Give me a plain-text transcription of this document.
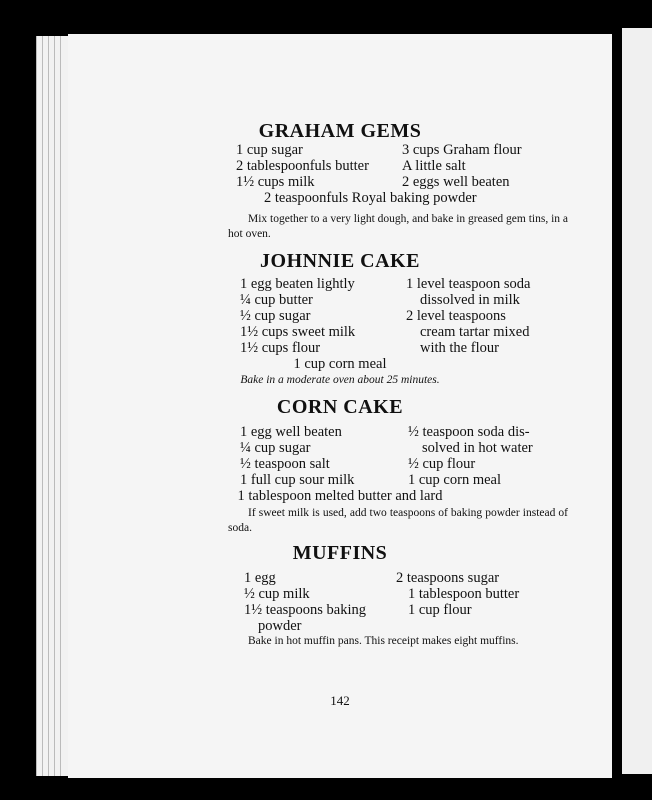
GRAHAM GEMS
1 cup sugar
2 tablespoonfuls butter
1½ cups milk
3 cups Graham flour
A little salt
2 eggs well beaten
2 teaspoonfuls Royal baking powder
Mix together to a very light dough, and bake in greased gem tins, in a hot oven.
JOHNNIE CAKE
1 egg beaten lightly
¼ cup butter
½ cup sugar
1½ cups sweet milk
1½ cups flour
1 level teaspoon soda
dissolved in milk
2 level teaspoons
cream tartar mixed
with the flour
1 cup corn meal
Bake in a moderate oven about 25 minutes.
CORN CAKE
1 egg well beaten
¼ cup sugar
½ teaspoon salt
1 full cup sour milk
½ teaspoon soda dis-
solved in hot water
½ cup flour
1 cup corn meal
1 tablespoon melted butter and lard
If sweet milk is used, add two teaspoons of baking powder instead of soda.
MUFFINS
1 egg
½ cup milk
1½ teaspoons baking
powder
2 teaspoons sugar
1 tablespoon butter
1 cup flour
Bake in hot muffin pans. This receipt makes eight muffins.
142
